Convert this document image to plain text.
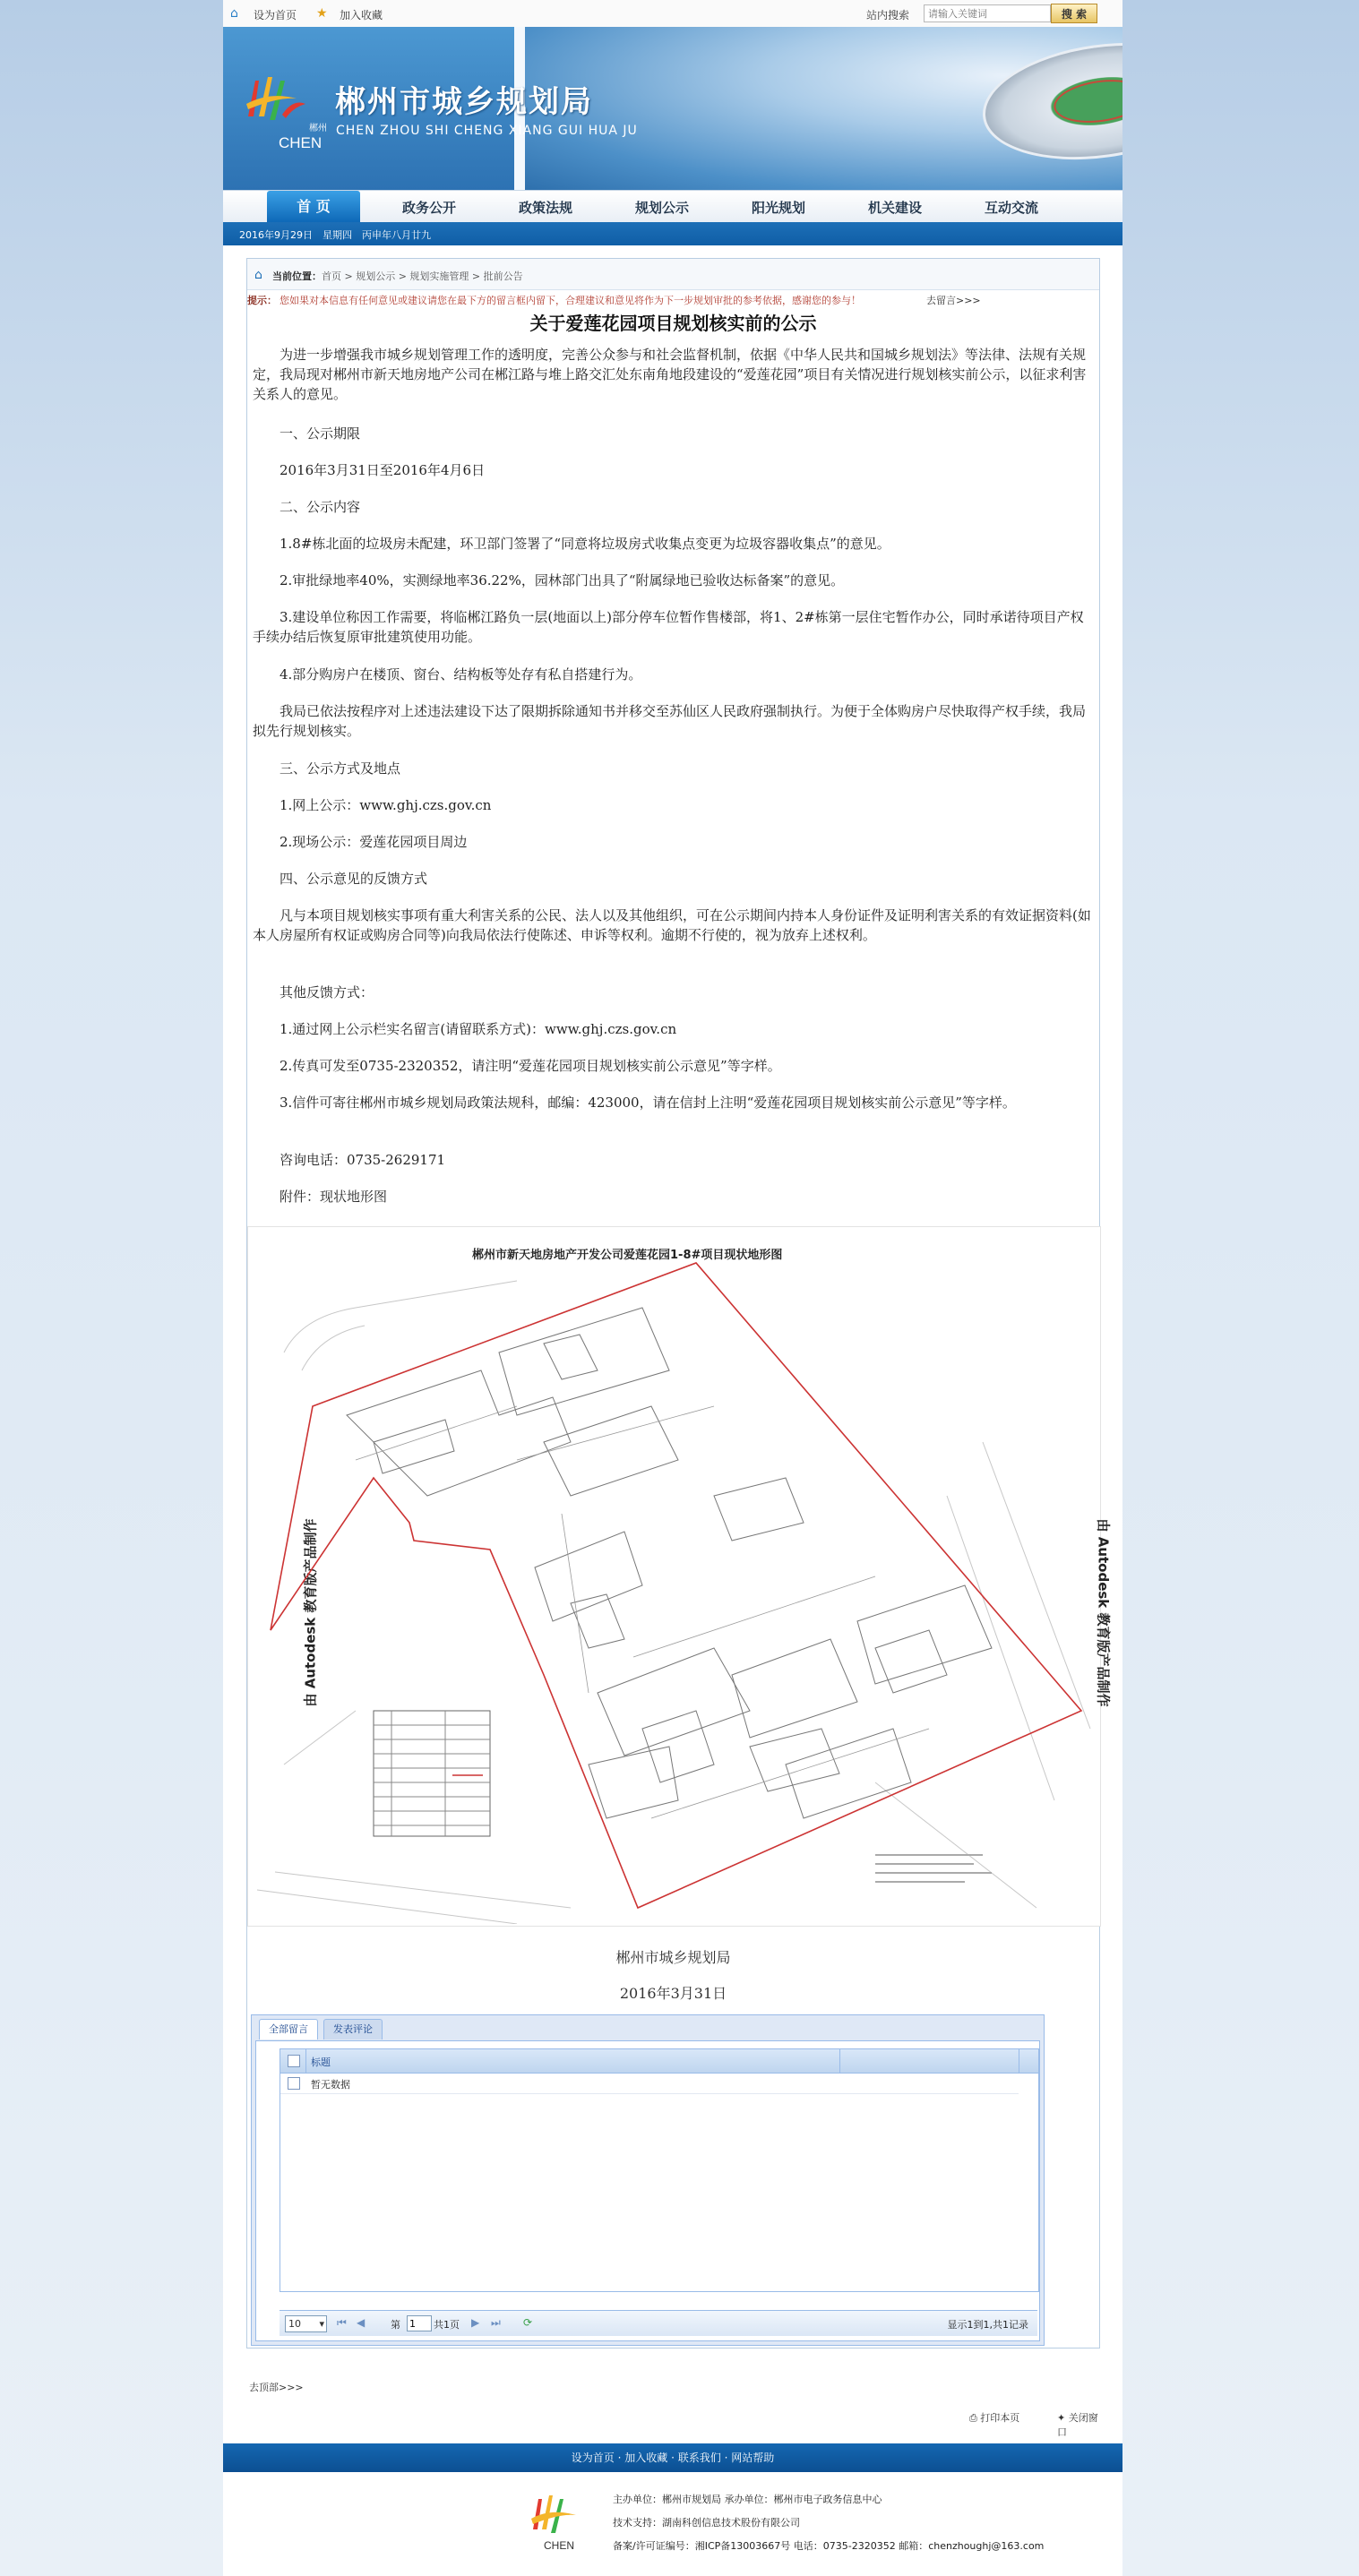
⌂ 设为首页 ★ 加入收藏	站内搜索
请输入关键词	搜 索
郴州
CHEN
郴州市城乡规划局
CHEN ZHOU SHI CHENG XIANG GUI HUA JU
首 页	政务公开	政策法规	规划公示	阳光规划	机关建设	互动交流
2016年9月29日　星期四　丙申年八月廿九
⌂ 当前位置：首页 > 规划公示 > 规划实施管理 > 批前公告
提示： 您如果对本信息有任何意见或建议请您在最下方的留言框内留下，合理建议和意见将作为下一步规划审批的参考依据，感谢您的参与！	去留言>>>
关于爱莲花园项目规划核实前的公示
　　为进一步增强我市城乡规划管理工作的透明度，完善公众参与和社会监督机制，依据《中华人民共和国城乡规划法》等法律、法规有关规定，我局现对郴州市新天地房地产公司在郴江路与堆上路交汇处东南角地段建设的“爱莲花园”项目有关情况进行规划核实前公示，以征求利害关系人的意见。
　　一、公示期限
　　2016年3月31日至2016年4月6日
　　二、公示内容
　　1.8#栋北面的垃圾房未配建，环卫部门签署了“同意将垃圾房式收集点变更为垃圾容器收集点”的意见。
　　2.审批绿地率40%，实测绿地率36.22%，园林部门出具了“附属绿地已验收达标备案”的意见。
　　3.建设单位称因工作需要，将临郴江路负一层(地面以上)部分停车位暂作售楼部，将1、2#栋第一层住宅暂作办公，同时承诺待项目产权手续办结后恢复原审批建筑使用功能。
　　4.部分购房户在楼顶、窗台、结构板等处存有私自搭建行为。
　　我局已依法按程序对上述违法建设下达了限期拆除通知书并移交至苏仙区人民政府强制执行。为便于全体购房户尽快取得产权手续，我局拟先行规划核实。
　　三、公示方式及地点
　　1.网上公示：www.ghj.czs.gov.cn
　　2.现场公示：爱莲花园项目周边
　　四、公示意见的反馈方式
　　凡与本项目规划核实事项有重大利害关系的公民、法人以及其他组织，可在公示期间内持本人身份证件及证明利害关系的有效证据资料(如本人房屋所有权证或购房合同等)向我局依法行使陈述、申诉等权利。逾期不行使的，视为放弃上述权利。
　　其他反馈方式：
　　1.通过网上公示栏实名留言(请留联系方式)：www.ghj.czs.gov.cn
　　2.传真可发至0735-2320352，请注明“爱莲花园项目规划核实前公示意见”等字样。
　　3.信件可寄往郴州市城乡规划局政策法规科，邮编：423000，请在信封上注明“爱莲花园项目规划核实前公示意见”等字样。
　　咨询电话：0735-2629171
　　附件：现状地形图
郴州市新天地房地产开发公司爱莲花园1-8#项目现状地形图
由 Autodesk 教育版产品制作	由 Autodesk 教育版产品制作
郴州市城乡规划局
2016年3月31日
全部留言	发表评论
标题
暂无数据
10 ▾ ⏮ ◀	第
1	共1页 ▶ ⏭ ⟳	显示1到1,共1记录
去顶部>>>
⎙ 打印本页	✦ 关闭窗口
设为首页 · 加入收藏 · 联系我们 · 网站帮助
CHEN
主办单位：郴州市规划局 承办单位：郴州市电子政务信息中心
技术支持：湖南科创信息技术股份有限公司
备案/许可证编号：湘ICP备13003667号 电话：0735-2320352 邮箱：chenzhoughj@163.com
